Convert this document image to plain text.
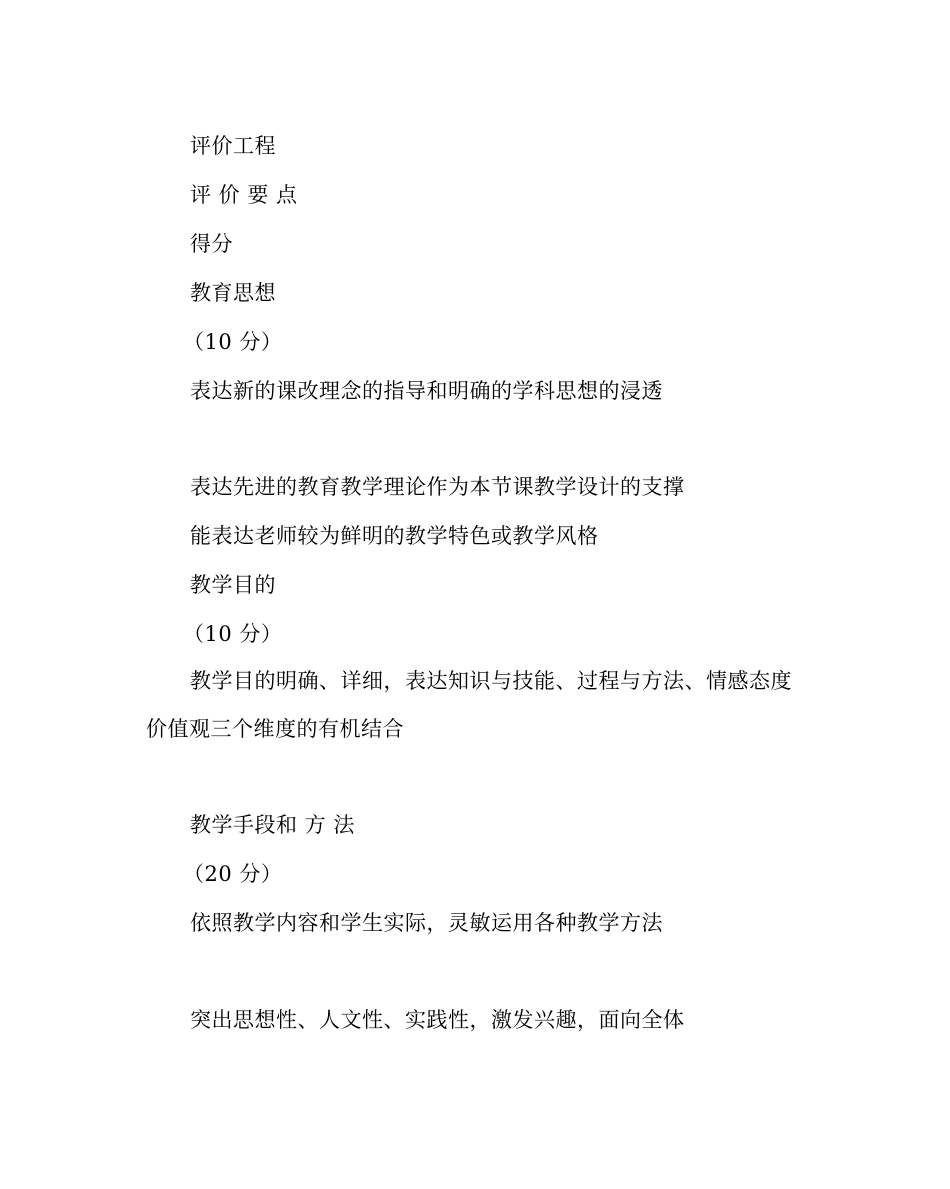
评价工程
评 价 要 点
得分
教育思想
（10 分）
表达新的课改理念的指导和明确的学科思想的浸透
表达先进的教育教学理论作为本节课教学设计的支撑
能表达老师较为鲜明的教学特色或教学风格
教学目的
（10 分）
教学目的明确、详细，表达知识与技能、过程与方法、情感态度
价值观三个维度的有机结合
教学手段和 方 法
（20 分）
依照教学内容和学生实际，灵敏运用各种教学方法
突出思想性、人文性、实践性，激发兴趣，面向全体
